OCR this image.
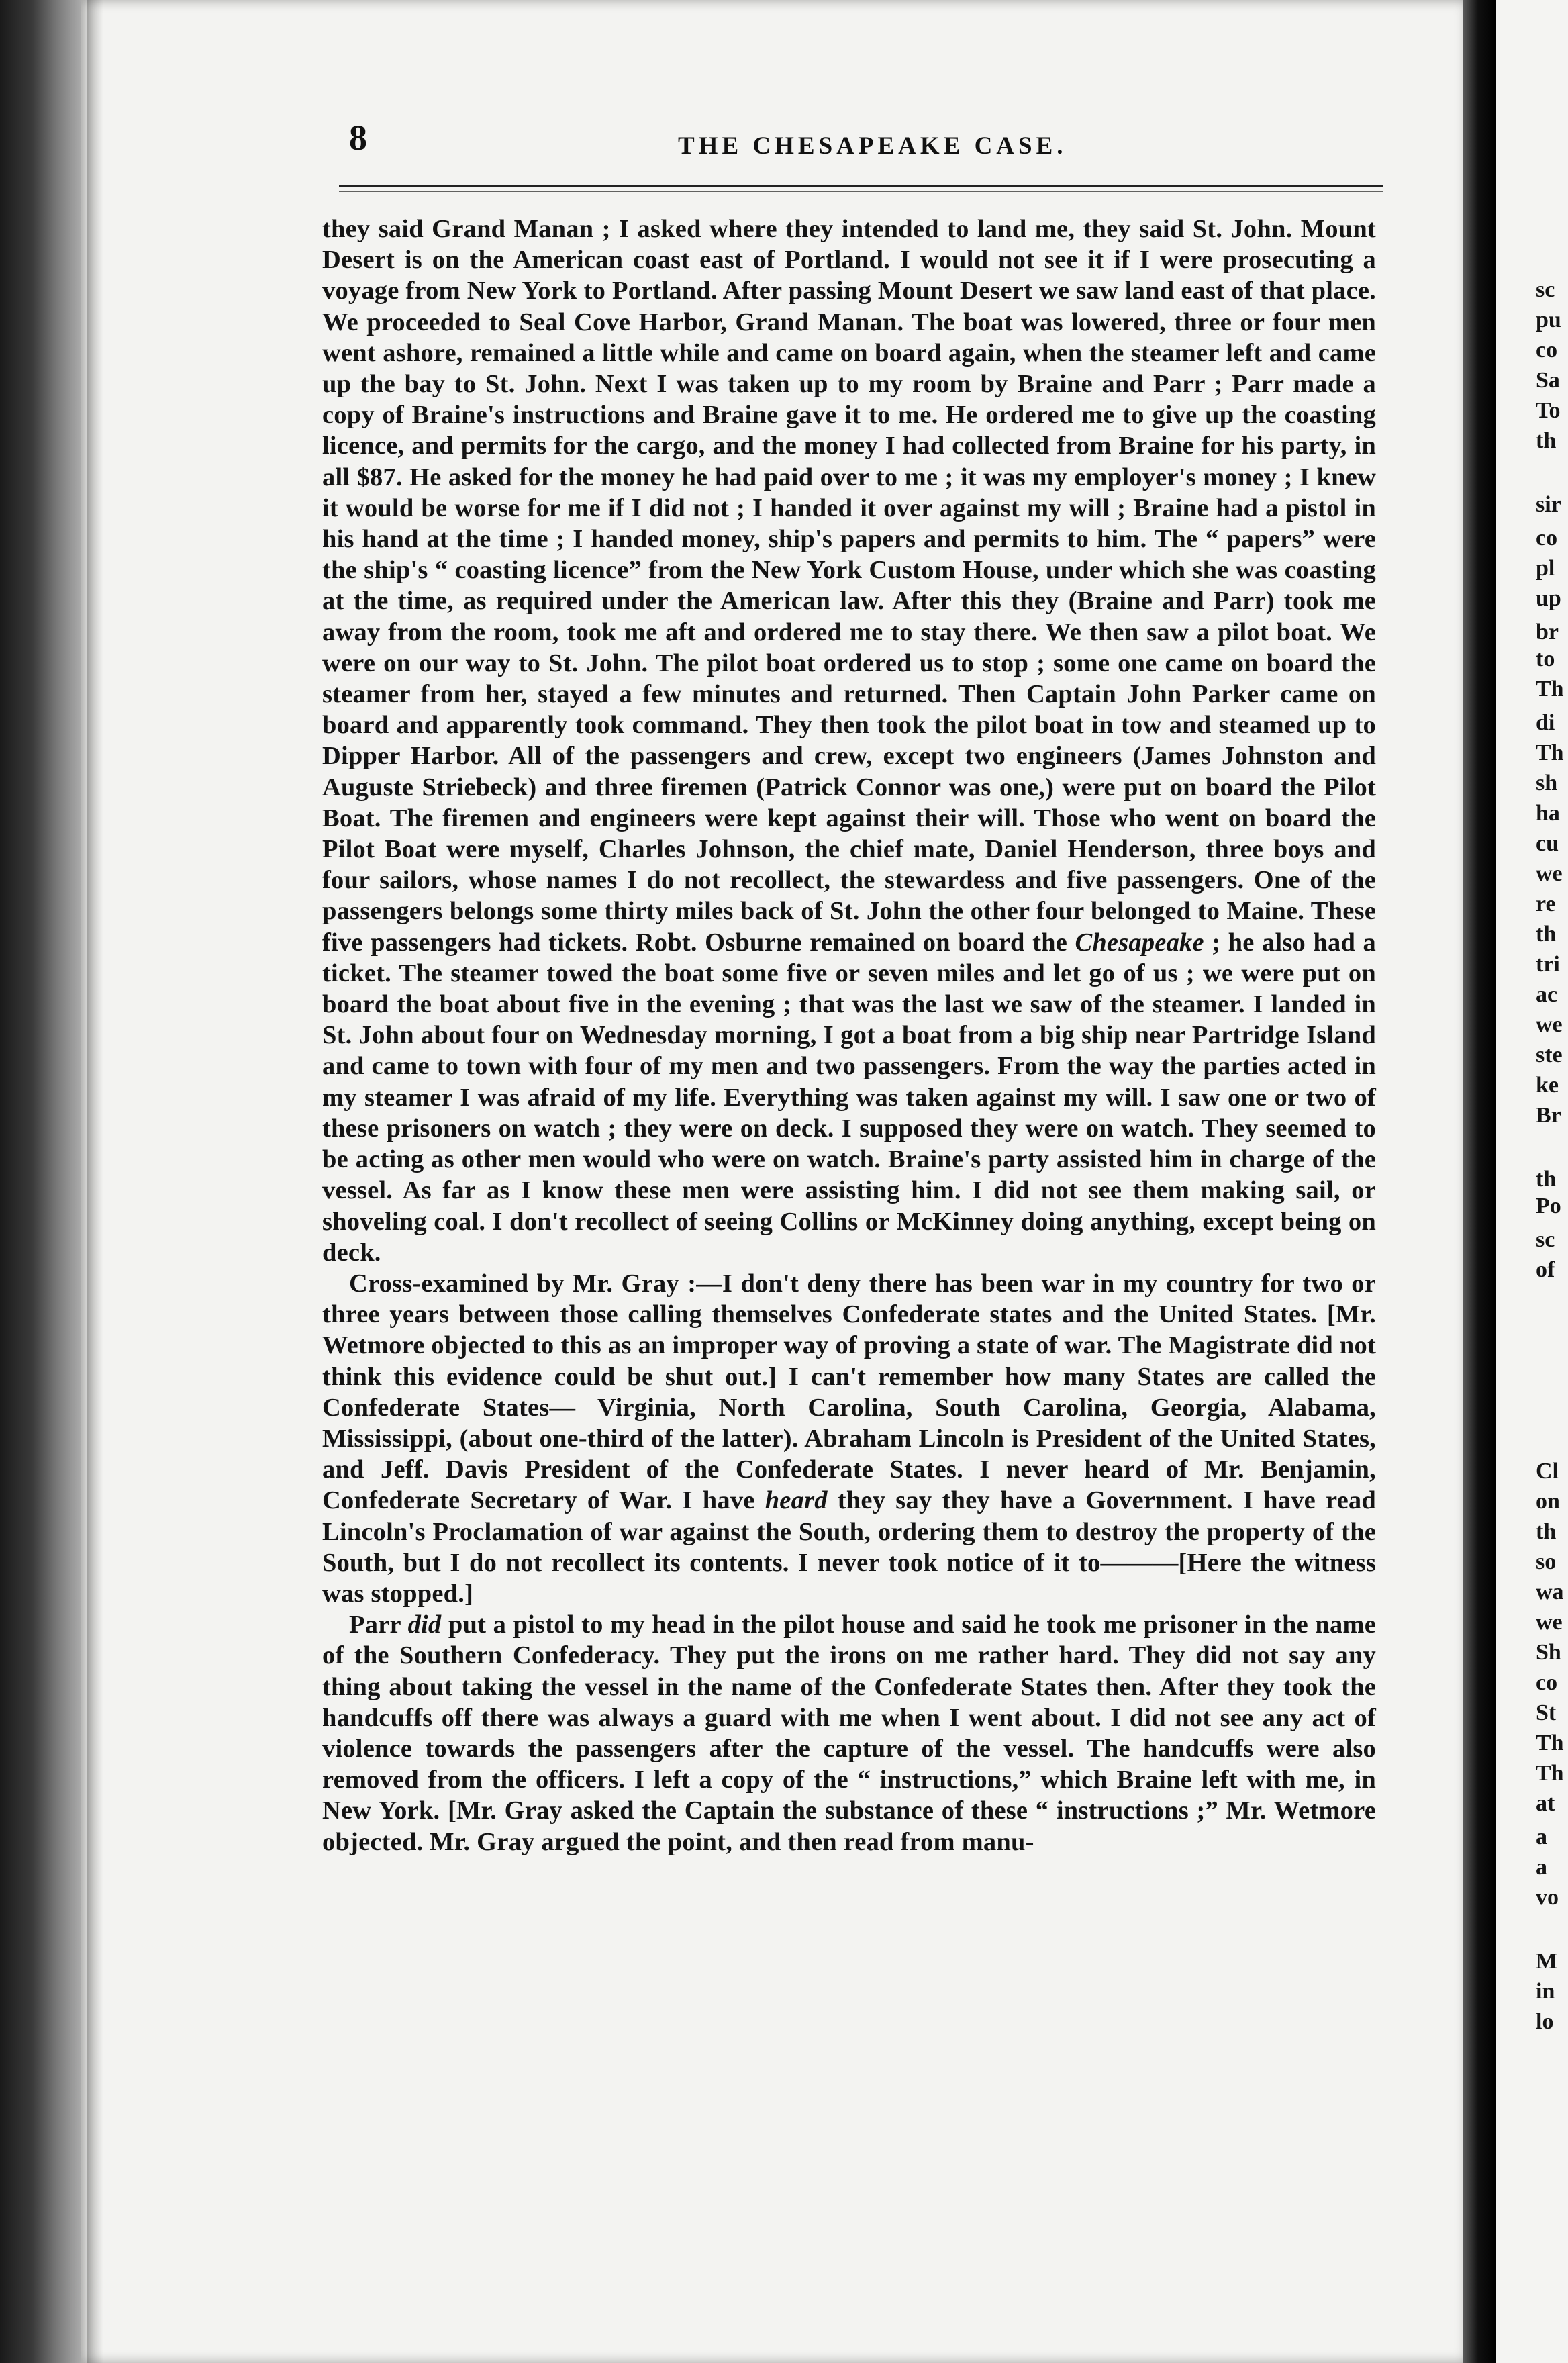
8	THE CHESAPEAKE CASE.

they said Grand Manan ; I asked where they intended to land me, they said St. John. Mount Desert is on the American coast east of Portland. I would not see it if I were prosecuting a voyage from New York to Portland. After passing Mount Desert we saw land east of that place. We proceeded to Seal Cove Harbor, Grand Manan. The boat was lowered, three or four men went ashore, remained a little while and came on board again, when the steamer left and came up the bay to St. John. Next I was taken up to my room by Braine and Parr ; Parr made a copy of Braine's instructions and Braine gave it to me. He ordered me to give up the coasting licence, and permits for the cargo, and the money I had collected from Braine for his party, in all $87. He asked for the money he had paid over to me ; it was my employer's money ; I knew it would be worse for me if I did not ; I handed it over against my will ; Braine had a pistol in his hand at the time ; I handed money, ship's papers and permits to him. The “ papers” were the ship's “ coasting licence” from the New York Custom House, under which she was coasting at the time, as required under the American law. After this they (Braine and Parr) took me away from the room, took me aft and ordered me to stay there. We then saw a pilot boat. We were on our way to St. John. The pilot boat ordered us to stop ; some one came on board the steamer from her, stayed a few minutes and returned. Then Captain John Parker came on board and apparently took command. They then took the pilot boat in tow and steamed up to Dipper Harbor. All of the passengers and crew, except two engineers (James Johnston and Auguste Striebeck) and three firemen (Patrick Connor was one,) were put on board the Pilot Boat. The firemen and engineers were kept against their will. Those who went on board the Pilot Boat were myself, Charles Johnson, the chief mate, Daniel Henderson, three boys and four sailors, whose names I do not recollect, the stewardess and five passengers. One of the passengers belongs some thirty miles back of St. John the other four belonged to Maine. These five passengers had tickets. Robt. Osburne remained on board the Chesapeake ; he also had a ticket. The steamer towed the boat some five or seven miles and let go of us ; we were put on board the boat about five in the evening ; that was the last we saw of the steamer. I landed in St. John about four on Wednesday morning, I got a boat from a big ship near Partridge Island and came to town with four of my men and two passengers. From the way the parties acted in my steamer I was afraid of my life. Everything was taken against my will. I saw one or two of these prisoners on watch ; they were on deck. I supposed they were on watch. They seemed to be acting as other men would who were on watch. Braine's party assisted him in charge of the vessel. As far as I know these men were assisting him. I did not see them making sail, or shoveling coal. I don't recollect of seeing Collins or McKinney doing anything, except being on deck.

Cross-examined by Mr. Gray :—I don't deny there has been war in my country for two or three years between those calling themselves Confederate states and the United States. [Mr. Wetmore objected to this as an improper way of proving a state of war. The Magistrate did not think this evidence could be shut out.] I can't remember how many States are called the Confederate States— Virginia, North Carolina, South Carolina, Georgia, Alabama, Mississippi, (about one-third of the latter). Abraham Lincoln is President of the United States, and Jeff. Davis President of the Confederate States. I never heard of Mr. Benjamin, Confederate Secretary of War. I have heard they say they have a Government. I have read Lincoln's Proclamation of war against the South, ordering them to destroy the property of the South, but I do not recollect its contents. I never took notice of it to———[Here the witness was stopped.]

Parr did put a pistol to my head in the pilot house and said he took me prisoner in the name of the Southern Confederacy. They put the irons on me rather hard. They did not say any thing about taking the vessel in the name of the Confederate States then. After they took the handcuffs off there was always a guard with me when I went about. I did not see any act of violence towards the passengers after the capture of the vessel. The handcuffs were also removed from the officers. I left a copy of the “ instructions,” which Braine left with me, in New York. [Mr. Gray asked the Captain the substance of these “ instructions ;” Mr. Wetmore objected. Mr. Gray argued the point, and then read from manu-

sc
pu
co
Sa
To
th
sir
co
pl
up
br
to
Th
di
Th
sh
ha
cu
we
re
th
tri
ac
we
ste
ke
Br
th
Po
sc
of
Cl
on
th
so
wa
we
Sh
co
St
Th
Th
at
a
a
vo
M
in
lo
